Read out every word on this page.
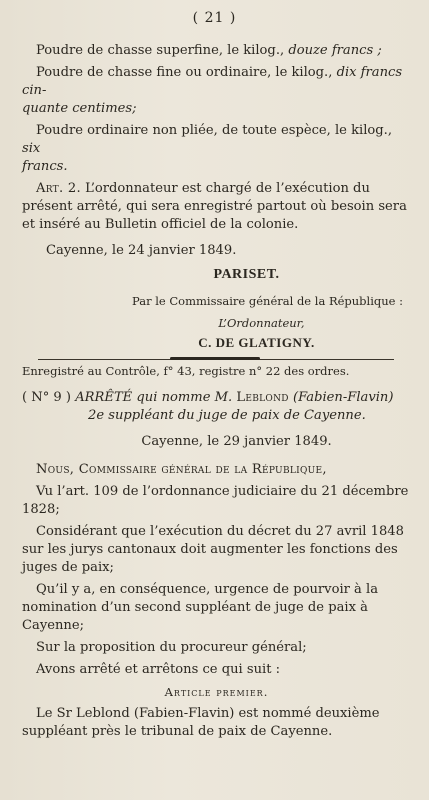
( 21 )

Poudre de chasse superfine, le kilog., douze francs ;

Poudre de chasse fine ou ordinaire, le kilog., dix francs cin-

quante centimes;

Poudre ordinaire non pliée, de toute espèce, le kilog., six

francs.

Art. 2. L’ordonnateur est chargé de l’exécution du présent arrêté, qui sera enregistré partout où besoin sera et inséré au Bulletin officiel de la colonie.

Cayenne, le 24 janvier 1849.

PARISET.

Par le Commissaire général de la République :

L’Ordonnateur,

C. DE GLATIGNY.

Enregistré au Contrôle, f° 43, registre n° 22 des ordres.

( N° 9 ) ARRÊTÉ qui nomme M. Leblond (Fabien-Flavin)

2e suppléant du juge de paix de Cayenne.

Cayenne, le 29 janvier 1849.

Nous, Commissaire général de la République,

Vu l’art. 109 de l’ordonnance judiciaire du 21 décembre 1828;

Considérant que l’exécution du décret du 27 avril 1848 sur les jurys cantonaux doit augmenter les fonctions des juges de paix;

Qu’il y a, en conséquence, urgence de pourvoir à la nomination d’un second suppléant de juge de paix à Cayenne;

Sur la proposition du procureur général;

Avons arrêté et arrêtons ce qui suit :

Article premier.

Le Sr Leblond (Fabien-Flavin) est nommé deuxième suppléant près le tribunal de paix de Cayenne.
